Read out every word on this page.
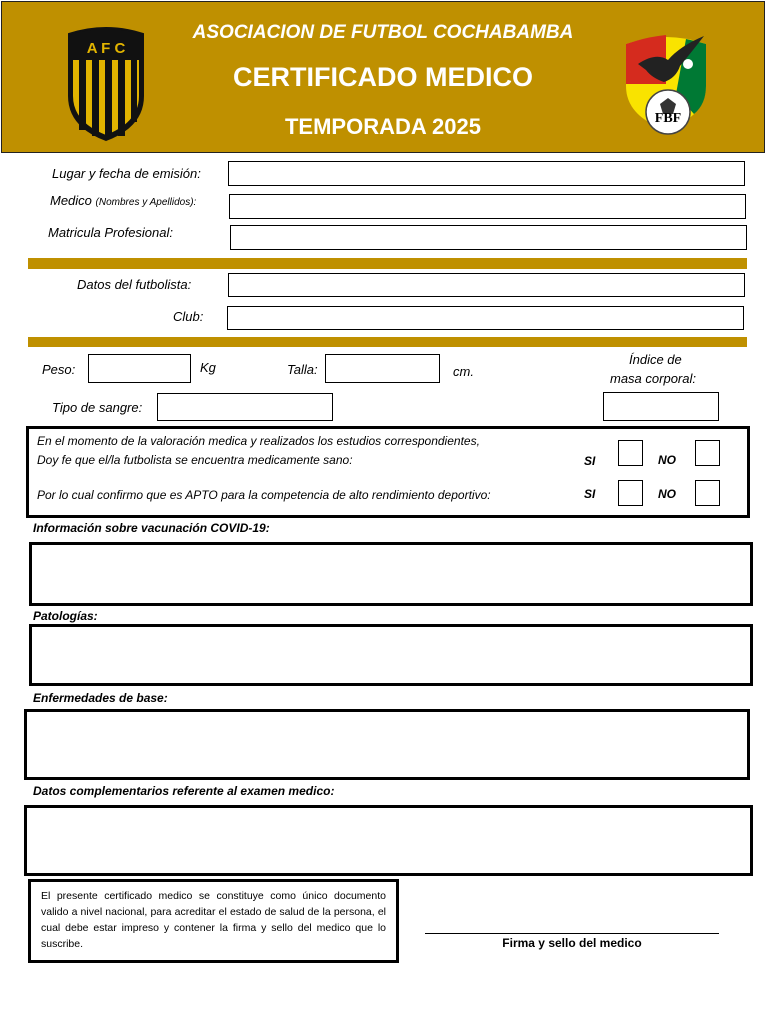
A F C
ASOCIACION DE FUTBOL COCHABAMBA
CERTIFICADO MEDICO
TEMPORADA 2025	FBF
Lugar y fecha de emisión:
Medico (Nombres y Apellidos):
Matricula Profesional:
Datos del futbolista:
Club:
Peso:	Kg	Talla:	cm.
Índice de
masa corporal:
Tipo de sangre:
En el momento de la valoración medica y realizados los estudios correspondientes,
Doy fe que el/la futbolista se encuentra medicamente sano:
Por lo cual confirmo que es APTO para la competencia de alto rendimiento deportivo:
SI	NO
SI	NO
Información sobre vacunación COVID-19:
Patologías:
Enfermedades de base:
Datos complementarios referente al examen medico:
El presente certificado medico se constituye como único documento valido a nivel nacional, para acreditar el estado de salud de la persona, el cual debe estar impreso y contener la firma y sello del medico que lo suscribe.	Firma y sello del medico
